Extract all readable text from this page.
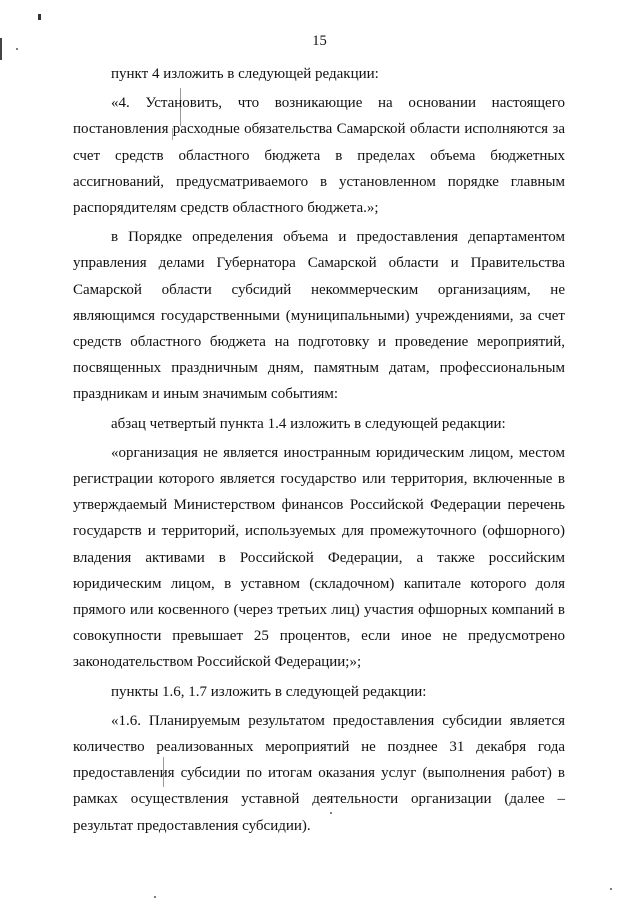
15

пункт 4 изложить в следующей редакции:

«4. Установить, что возникающие на основании настоящего постановления расходные обязательства Самарской области исполняются за счет средств областного бюджета в пределах объема бюджетных ассигнований, предусматриваемого в установленном порядке главным распорядителям средств областного бюджета.»;

в Порядке определения объема и предоставления департаментом управления делами Губернатора Самарской области и Правительства Самарской области субсидий некоммерческим организациям, не являющимся государственными (муниципальными) учреждениями, за счет средств областного бюджета на подготовку и проведение мероприятий, посвященных праздничным дням, памятным датам, профессиональным праздникам и иным значимым событиям:

абзац четвертый пункта 1.4 изложить в следующей редакции:

«организация не является иностранным юридическим лицом, местом регистрации которого является государство или территория, включенные в утверждаемый Министерством финансов Российской Федерации перечень государств и территорий, используемых для промежуточного (офшорного) владения активами в Российской Федерации, а также российским юридическим лицом, в уставном (складочном) капитале которого доля прямого или косвенного (через третьих лиц) участия офшорных компаний в совокупности превышает 25 процентов, если иное не предусмотрено законодательством Российской Федерации;»;

пункты 1.6, 1.7 изложить в следующей редакции:

«1.6. Планируемым результатом предоставления субсидии является количество реализованных мероприятий не позднее 31 декабря года предоставления субсидии по итогам оказания услуг (выполнения работ) в рамках осуществления уставной деятельности организации (далее – результат предоставления субсидии).
